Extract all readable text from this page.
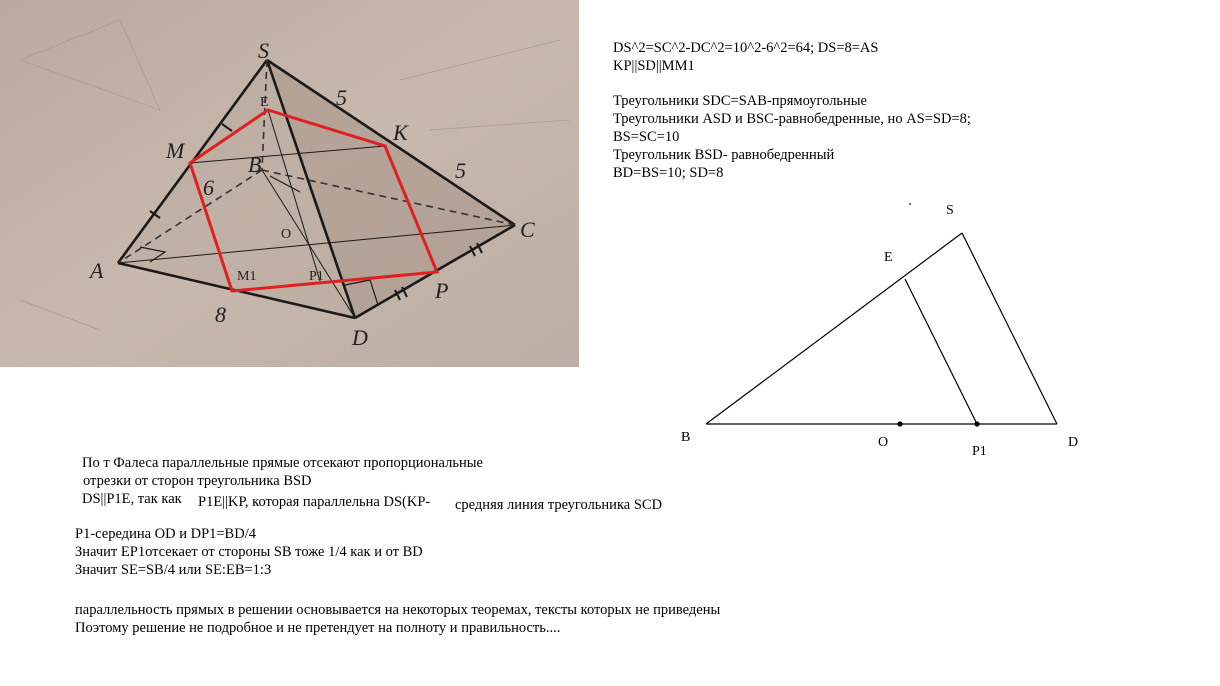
S
E
K
M
B
C
A
O
M1	P1
P
D
5
5
6
8
DS^2=SC^2-DC^2=10^2-6^2=64; DS=8=AS
KP||SD||MM1
Треугольники SDC=SAB-прямоугольные
Треугольники ASD и BSC-равнобедренные, но AS=SD=8;
BS=SC=10
Треугольник BSD- равнобедренный
BD=BS=10; SD=8
S
E
B	O
P1
D
По т Фалеса параллельные прямые отсекают пропорциональные
отрезки от сторон треугольника BSD
DS||P1E, так как P1E||KP, которая параллельна DS(KP- средняя линия треугольника SCD
P1-середина OD и DP1=BD/4
Значит EP1отсекает от стороны SB тоже 1/4 как и от BD
Значит SE=SB/4 или SE:EB=1:3
параллельность прямых в решении основывается на некоторых теоремах, тексты которых не приведены
Поэтому решение не подробное и не претендует на полноту и правильность....
